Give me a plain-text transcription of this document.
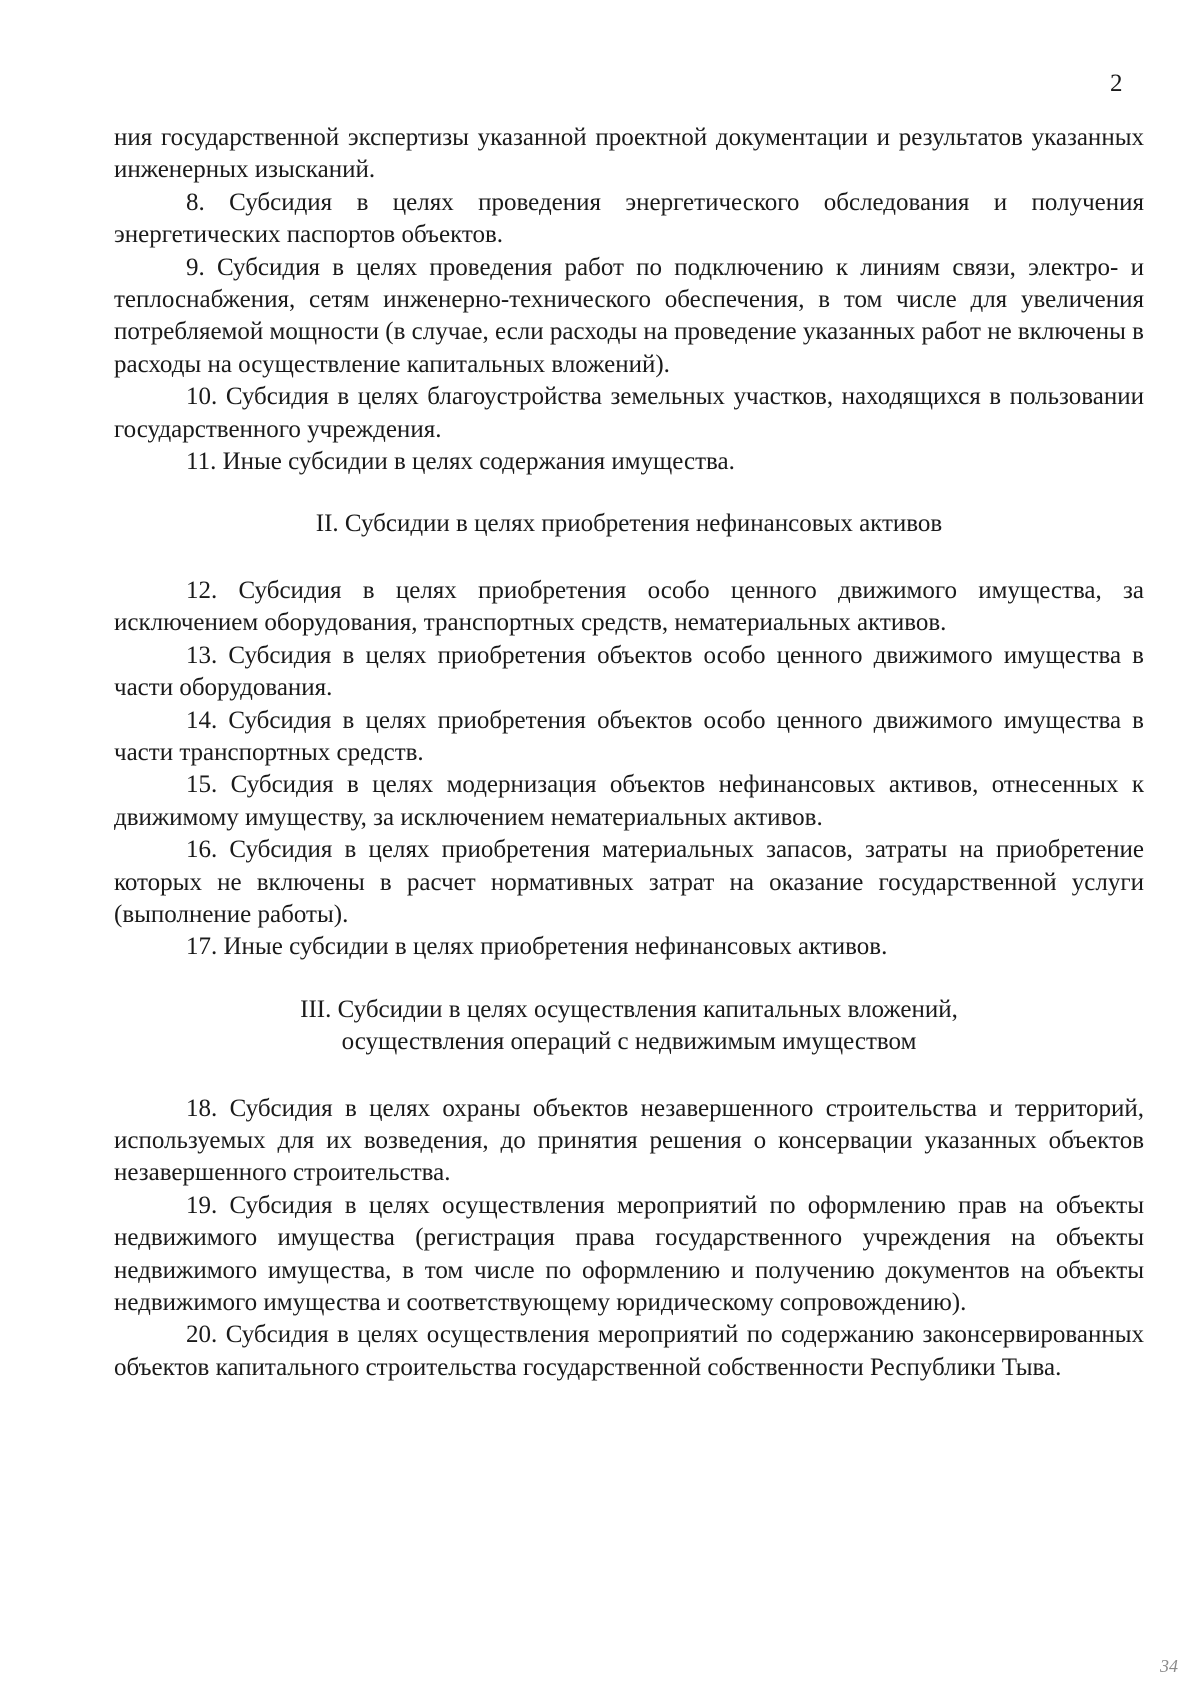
2

ния государственной экспертизы указанной проектной документации и результатов указанных инженерных изысканий.

8. Субсидия в целях проведения энергетического обследования и получения энергетических паспортов объектов.

9. Субсидия в целях проведения работ по подключению к линиям связи, электро- и теплоснабжения, сетям инженерно-технического обеспечения, в том числе для увеличения потребляемой мощности (в случае, если расходы на проведение указанных работ не включены в расходы на осуществление капитальных вложений).

10. Субсидия в целях благоустройства земельных участков, находящихся в пользовании государственного учреждения.

11. Иные субсидии в целях содержания имущества.

II. Субсидии в целях приобретения нефинансовых активов

12. Субсидия в целях приобретения особо ценного движимого имущества, за исключением оборудования, транспортных средств, нематериальных активов.

13. Субсидия в целях приобретения объектов особо ценного движимого имущества в части оборудования.

14. Субсидия в целях приобретения объектов особо ценного движимого имущества в части транспортных средств.

15. Субсидия в целях модернизация объектов нефинансовых активов, отнесенных к движимому имуществу, за исключением нематериальных активов.

16. Субсидия в целях приобретения материальных запасов, затраты на приобретение которых не включены в расчет нормативных затрат на оказание государственной услуги (выполнение работы).

17. Иные субсидии в целях приобретения нефинансовых активов.

III. Субсидии в целях осуществления капитальных вложений,
осуществления операций с недвижимым имуществом

18. Субсидия в целях охраны объектов незавершенного строительства и территорий, используемых для их возведения, до принятия решения о консервации указанных объектов незавершенного строительства.

19. Субсидия в целях осуществления мероприятий по оформлению прав на объекты недвижимого имущества (регистрация права государственного учреждения на объекты недвижимого имущества, в том числе по оформлению и получению документов на объекты недвижимого имущества и соответствующему юридическому сопровождению).

20. Субсидия в целях осуществления мероприятий по содержанию законсервированных объектов капитального строительства государственной собственности Республики Тыва.

34
